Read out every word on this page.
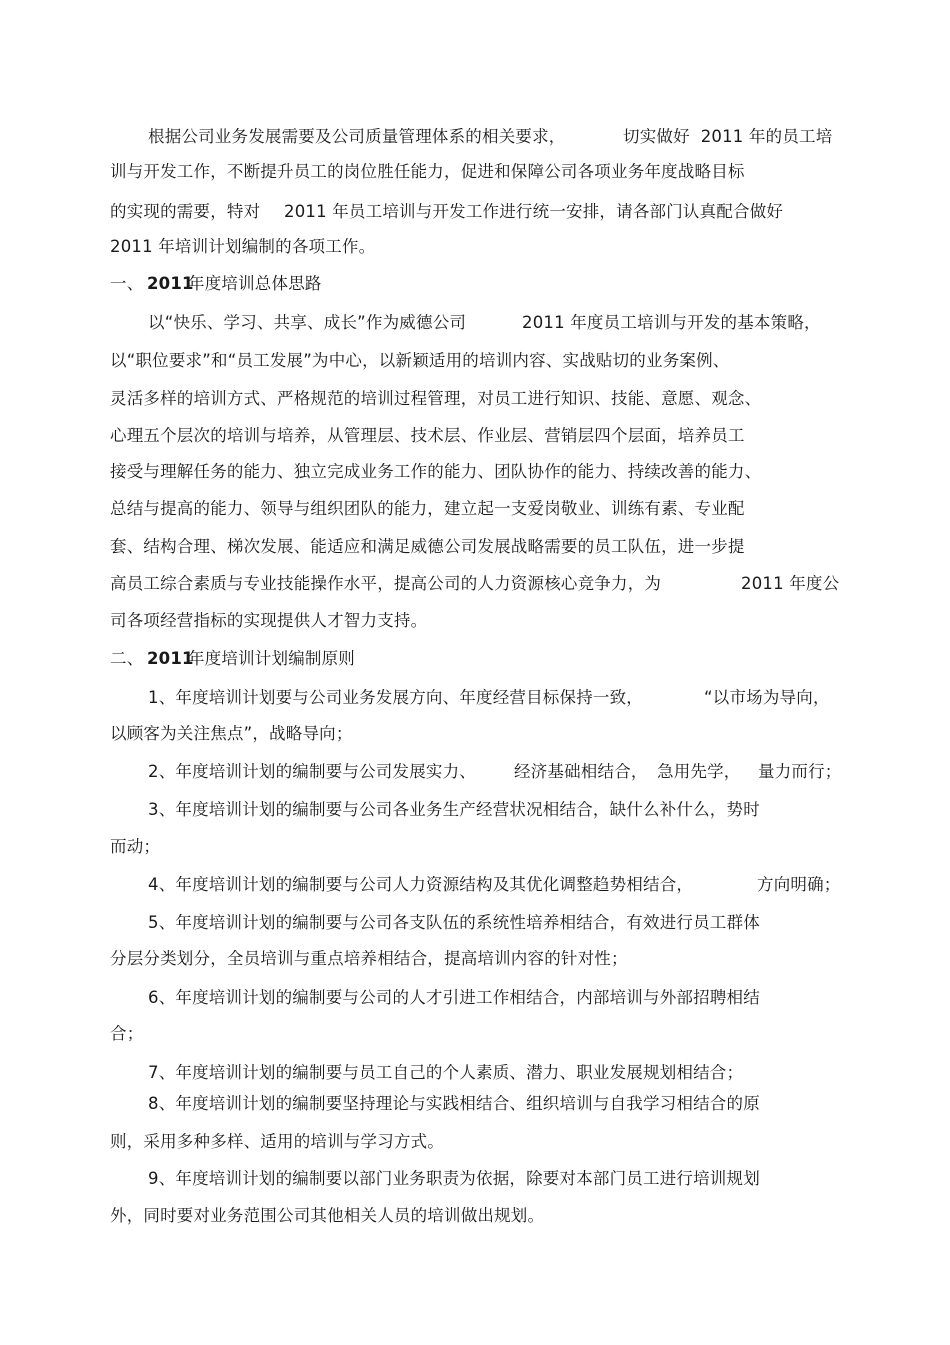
根据公司业务发展需要及公司质量管理体系的相关要求，	切实做好  2011 年的员工培
训与开发工作，不断提升员工的岗位胜任能力，促进和保障公司各项业务年度战略目标
的实现的需要，特对 2011 年员工培训与开发工作进行统一安排，请各部门认真配合做好
2011 年培训计划编制的各项工作。
一、 2011
年度培训总体思路
以“快乐、学习、共享、成长”作为威德公司	2011 年度员工培训与开发的基本策略，
以“职位要求”和“员工发展”为中心，以新颖适用的培训内容、实战贴切的业务案例、
灵活多样的培训方式、严格规范的培训过程管理，对员工进行知识、技能、意愿、观念、
心理五个层次的培训与培养，从管理层、技术层、作业层、营销层四个层面，培养员工
接受与理解任务的能力、独立完成业务工作的能力、团队协作的能力、持续改善的能力、
总结与提高的能力、领导与组织团队的能力，建立起一支爱岗敬业、训练有素、专业配
套、结构合理、梯次发展、能适应和满足威德公司发展战略需要的员工队伍，进一步提
高员工综合素质与专业技能操作水平，提高公司的人力资源核心竞争力，为	2011 年度公
司各项经营指标的实现提供人才智力支持。
二、 2011
年度培训计划编制原则
1、年度培训计划要与公司业务发展方向、年度经营目标保持一致，	“以市场为导向，
以顾客为关注焦点”，战略导向；
2、年度培训计划的编制要与公司发展实力、 经济基础相结合， 急用先学， 量力而行；
3、年度培训计划的编制要与公司各业务生产经营状况相结合，缺什么补什么，势时
而动；
4、年度培训计划的编制要与公司人力资源结构及其优化调整趋势相结合，	方向明确；
5、年度培训计划的编制要与公司各支队伍的系统性培养相结合，有效进行员工群体
分层分类划分，全员培训与重点培养相结合，提高培训内容的针对性；
6、年度培训计划的编制要与公司的人才引进工作相结合，内部培训与外部招聘相结
合；
7、年度培训计划的编制要与员工自己的个人素质、潜力、职业发展规划相结合；
8、年度培训计划的编制要坚持理论与实践相结合、组织培训与自我学习相结合的原
则，采用多种多样、适用的培训与学习方式。
9、年度培训计划的编制要以部门业务职责为依据，除要对本部门员工进行培训规划
外，同时要对业务范围公司其他相关人员的培训做出规划。
